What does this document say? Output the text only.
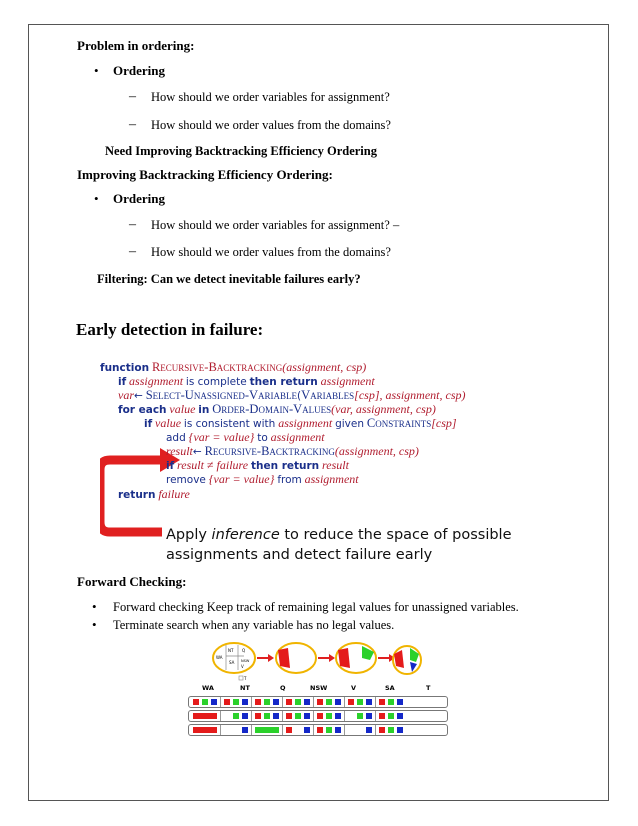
Problem in ordering:
• Ordering
– How should we order variables for assignment?
– How should we order values from the domains?
Need Improving Backtracking Efficiency Ordering
Improving Backtracking Efficiency Ordering:
• Ordering
– How should we order variables for assignment? –
– How should we order values from the domains?
Filtering: Can we detect inevitable failures early?
Early detection in failure:
function Recursive-Backtracking(assignment, csp)
if assignment is complete then return assignment
var← Select-Unassigned-Variable(Variables[csp], assignment, csp)
for each value in Order-Domain-Values(var, assignment, csp)
if value is consistent with assignment given Constraints[csp]
add {var = value} to assignment
result← Recursive-Backtracking(assignment, csp)
if result ≠ failure then return result
remove {var = value} from assignment
return failure
Apply inference to reduce the space of possible
assignments and detect failure early
Forward Checking:
• Forward checking Keep track of remaining legal values for unassigned variables.
• Terminate search when any variable has no legal values.
WA
NT Q
SA NSW
V
T
WA	NT	Q	NSW	V	SA	T
